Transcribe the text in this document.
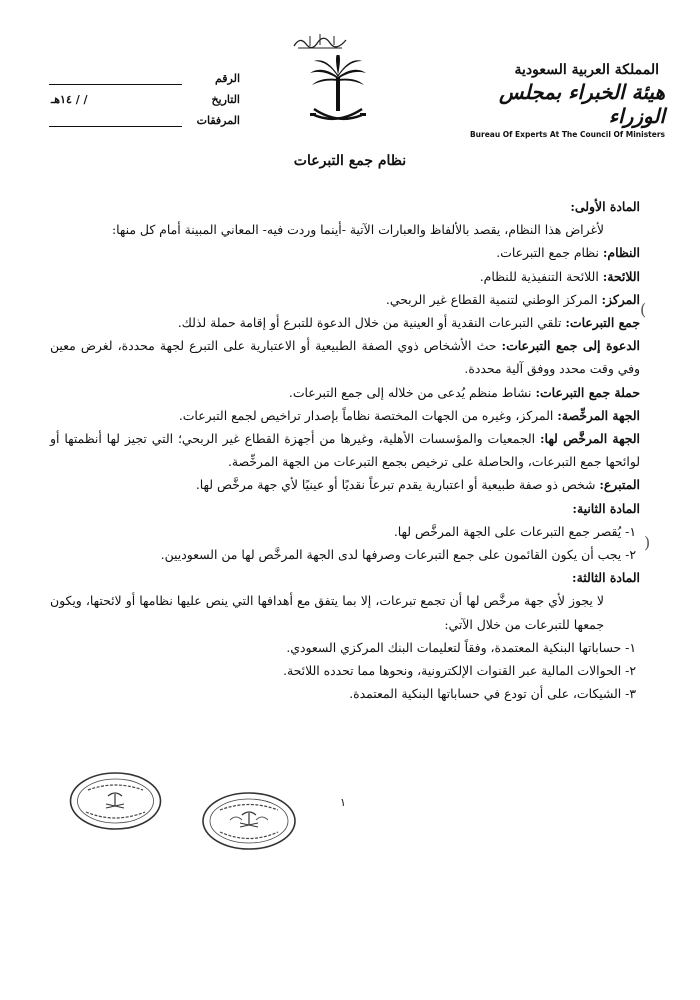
الرقم
التاريخ
/ / ١٤هـ
المرفقات
المملكة العربية السعودية
هيئة الخبراء بمجلس الوزراء
Bureau Of Experts At The Council Of Ministers
نظام جمع التبرعات
(
)

المادة الأولى :

لأغراض هذا النظام، يقصد بالألفاظ والعبارات الآتية -أينما وردت فيه- المعاني المبينة أمام كل منها:

النظام: نظام جمع التبرعات.

اللائحة: اللائحة التنفيذية للنظام.

المركز: المركز الوطني لتنمية القطاع غير الربحي.

جمع التبرعات: تلقي التبرعات النقدية أو العينية من خلال الدعوة للتبرع أو إقامة حملة لذلك.

الدعوة إلى جمع التبرعات: حث الأشخاص ذوي الصفة الطبيعية أو الاعتبارية على التبرع لجهة محددة، لغرض معين وفي وقت محدد ووفق آلية محددة.

حملة جمع التبرعات: نشاط منظم يُدعى من خلاله إلى جمع التبرعات.

الجهة المرخِّصة: المركز، وغيره من الجهات المختصة نظاماً بإصدار تراخيص لجمع التبرعات.

الجهة المرخَّص لها: الجمعيات والمؤسسات الأهلية، وغيرها من أجهزة القطاع غير الربحي؛ التي تجيز لها أنظمتها أو لوائحها جمع التبرعات، والحاصلة على ترخيص بجمع التبرعات من الجهة المرخِّصة.

المتبرع: شخص ذو صفة طبيعية أو اعتبارية يقدم تبرعاً نقديًا أو عينيًا لأي جهة مرخَّص لها.

المادة الثانية :

١- يُقصر جمع التبرعات على الجهة المرخَّص لها.

٢- يجب أن يكون القائمون على جمع التبرعات وصرفها لدى الجهة المرخَّص لها من السعوديين.

المادة الثالثة :

لا يجوز لأي جهة مرخَّص لها أن تجمع تبرعات، إلا بما يتفق مع أهدافها التي ينص عليها نظامها أو لائحتها، ويكون جمعها للتبرعات من خلال الآتي:

١- حساباتها البنكية المعتمدة، وفقاً لتعليمات البنك المركزي السعودي.

٢- الحوالات المالية عبر القنوات الإلكترونية، ونحوها مما تحدده اللائحة.

٣- الشيكات، على أن تودع في حساباتها البنكية المعتمدة.

١
